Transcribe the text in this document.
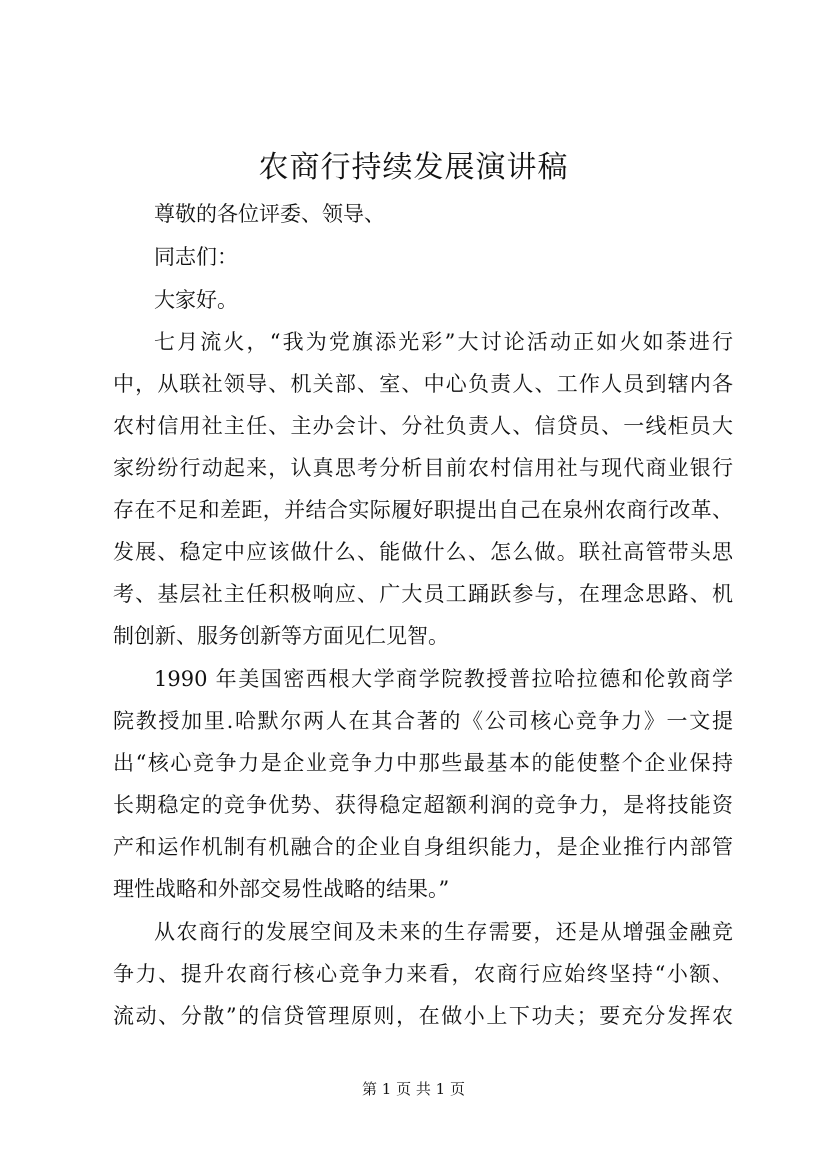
农商行持续发展演讲稿

尊敬的各位评委、领导、

同志们：

大家好。

七月流火，“我为党旗添光彩”大讨论活动正如火如荼进行

中，从联社领导、机关部、室、中心负责人、工作人员到辖内各

农村信用社主任、主办会计、分社负责人、信贷员、一线柜员大

家纷纷行动起来，认真思考分析目前农村信用社与现代商业银行

存在不足和差距，并结合实际履好职提出自己在泉州农商行改革、

发展、稳定中应该做什么、能做什么、怎么做。联社高管带头思

考、基层社主任积极响应、广大员工踊跃参与，在理念思路、机

制创新、服务创新等方面见仁见智。

1990 年美国密西根大学商学院教授普拉哈拉德和伦敦商学

院教授加里.哈默尔两人在其合著的《公司核心竞争力》一文提

出“核心竞争力是企业竞争力中那些最基本的能使整个企业保持

长期稳定的竞争优势、获得稳定超额利润的竞争力，是将技能资

产和运作机制有机融合的企业自身组织能力，是企业推行内部管

理性战略和外部交易性战略的结果。”

从农商行的发展空间及未来的生存需要，还是从增强金融竞

争力、提升农商行核心竞争力来看，农商行应始终坚持“小额、

流动、分散”的信贷管理原则，在做小上下功夫；要充分发挥农

第 1 页 共 1 页
